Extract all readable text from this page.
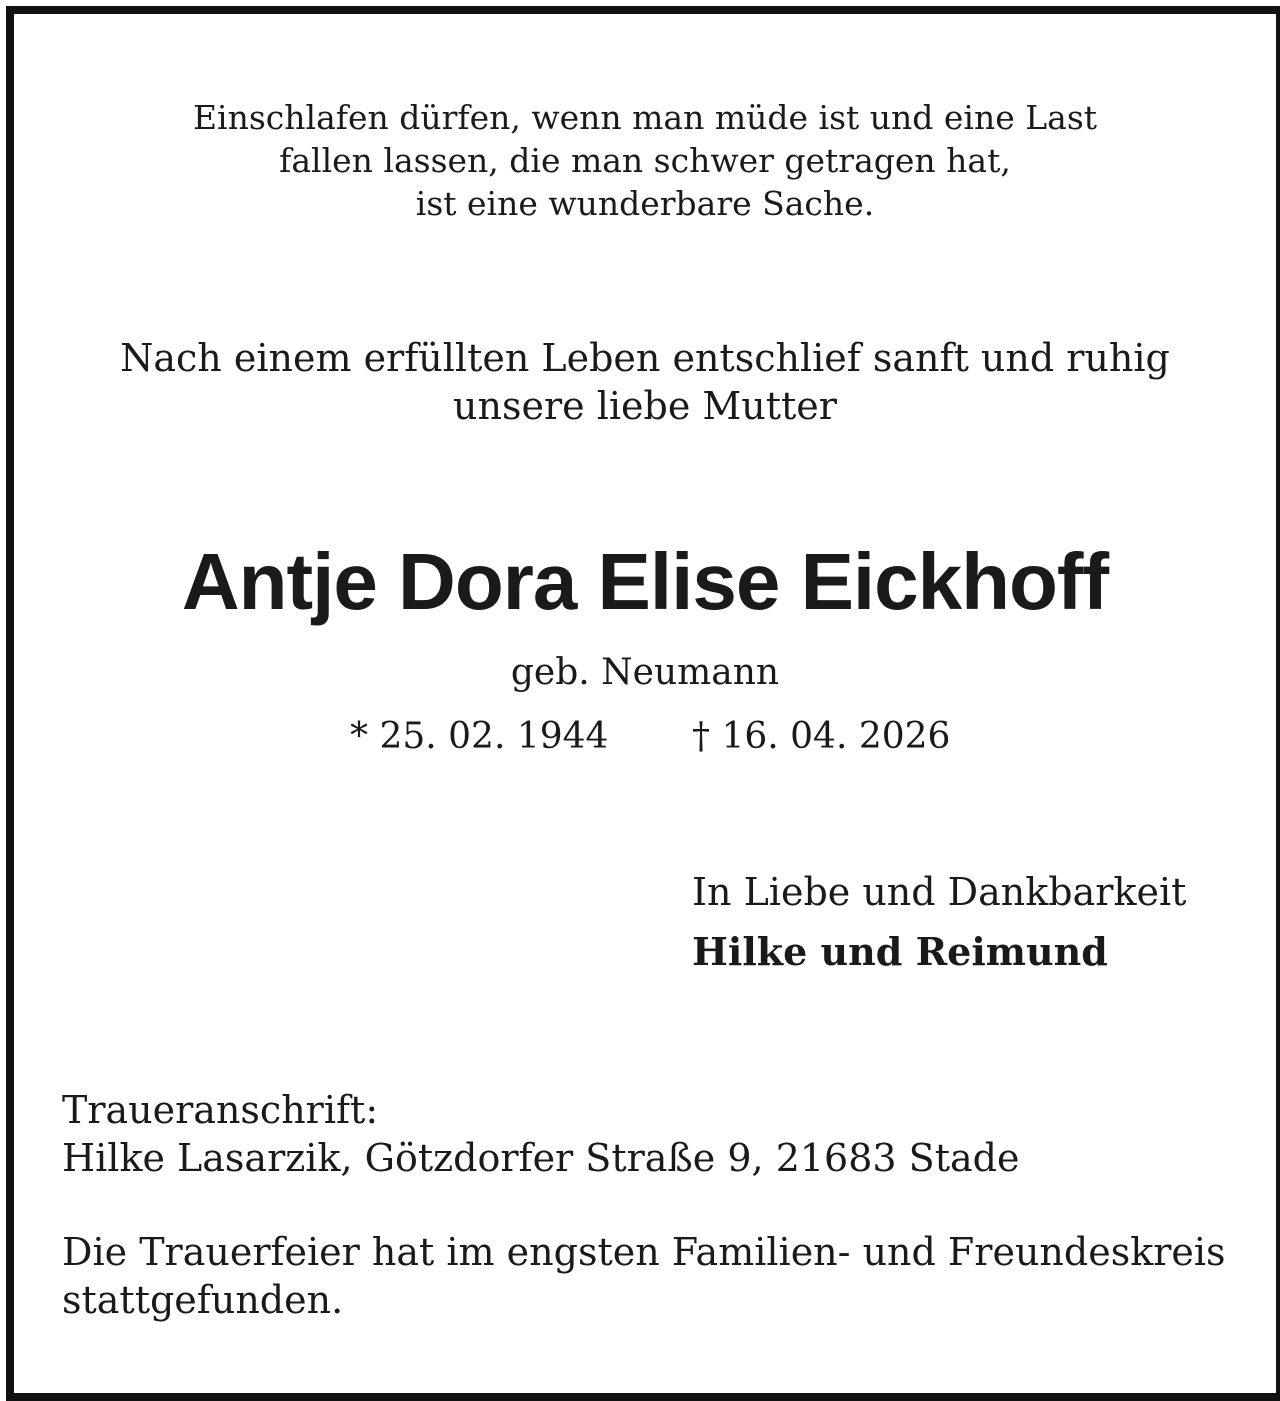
Einschlafen dürfen, wenn man müde ist und eine Last
fallen lassen, die man schwer getragen hat,
ist eine wunderbare Sache.
Nach einem erfüllten Leben entschlief sanft und ruhig
unsere liebe Mutter
Antje Dora Elise Eickhoff
geb. Neumann
* 25. 02. 1944 † 16. 04. 2026
In Liebe und Dankbarkeit
Hilke und Reimund
Traueranschrift:
Hilke Lasarzik, Götzdorfer Straße 9, 21683 Stade
Die Trauerfeier hat im engsten Familien- und Freundeskreis
stattgefunden.
